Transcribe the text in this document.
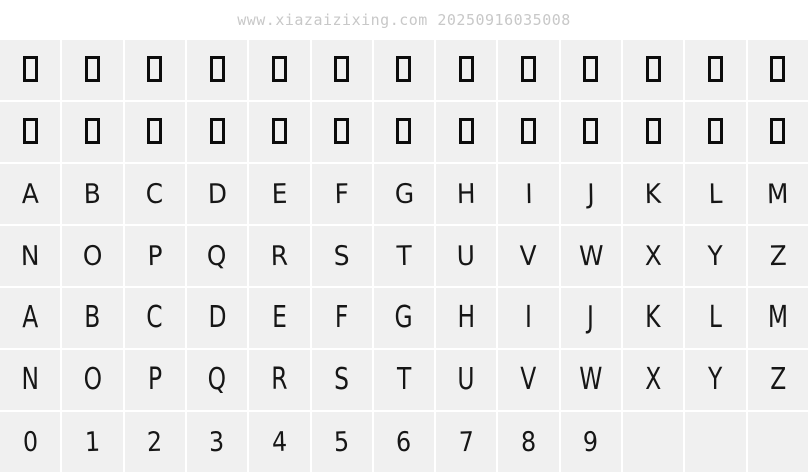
www.xiazaizixing.com 20250916035008
A B C D E F G H I J K L M
N O P Q R S T U V W X Y Z
A B C D E F G H I J K L M
N O P Q R S T U V W X Y Z
0 1 2 3 4 5 6 7 8 9
